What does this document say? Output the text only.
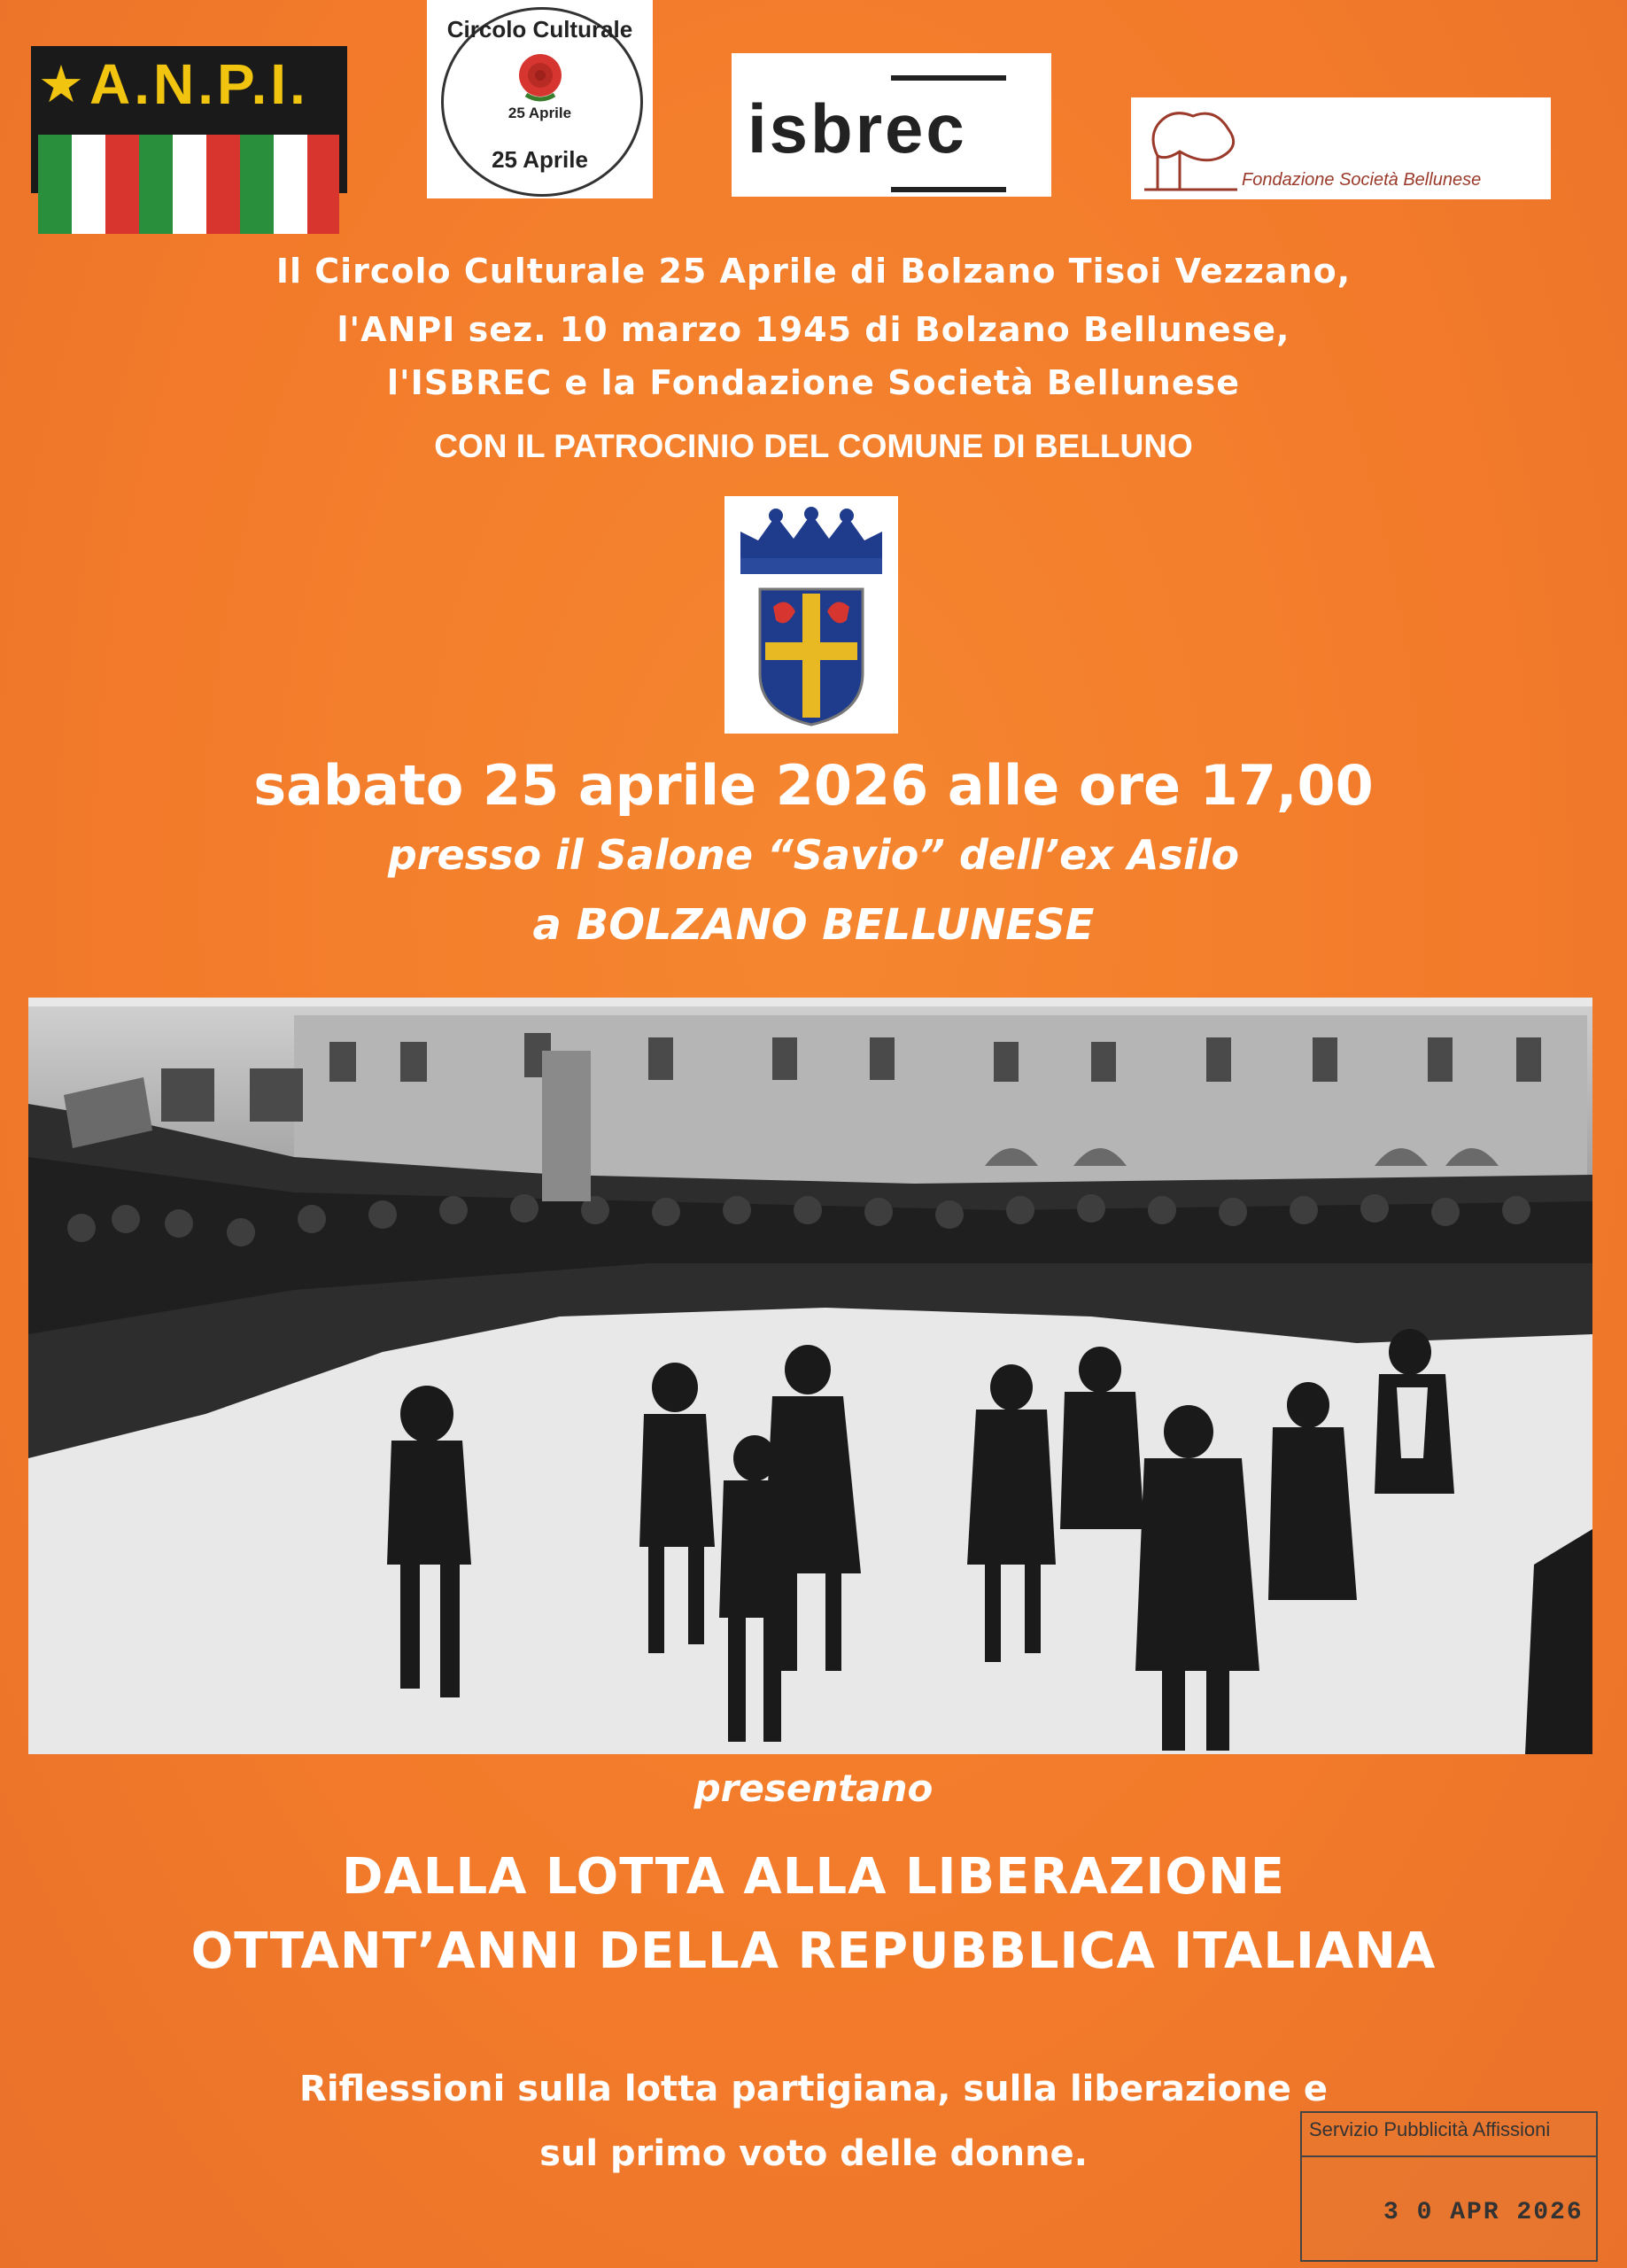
★ A.N.P.I.
Circolo Culturale
25 Aprile
25 Aprile	isbrec
Fondazione Società Bellunese
Il Circolo Culturale 25 Aprile di Bolzano Tisoi Vezzano,
l'ANPI sez. 10 marzo 1945 di Bolzano Bellunese,
l'ISBREC e la Fondazione Società Bellunese
CON IL PATROCINIO DEL COMUNE DI BELLUNO
sabato 25 aprile 2026 alle ore 17,00
presso il Salone “Savio” dell’ex Asilo
a BOLZANO BELLUNESE
presentano
DALLA LOTTA ALLA LIBERAZIONE
OTTANT’ANNI DELLA REPUBBLICA ITALIANA
Riflessioni sulla lotta partigiana, sulla liberazione e
sul primo voto delle donne.
Servizio Pubblicità Affissioni
3 0 APR 2026
